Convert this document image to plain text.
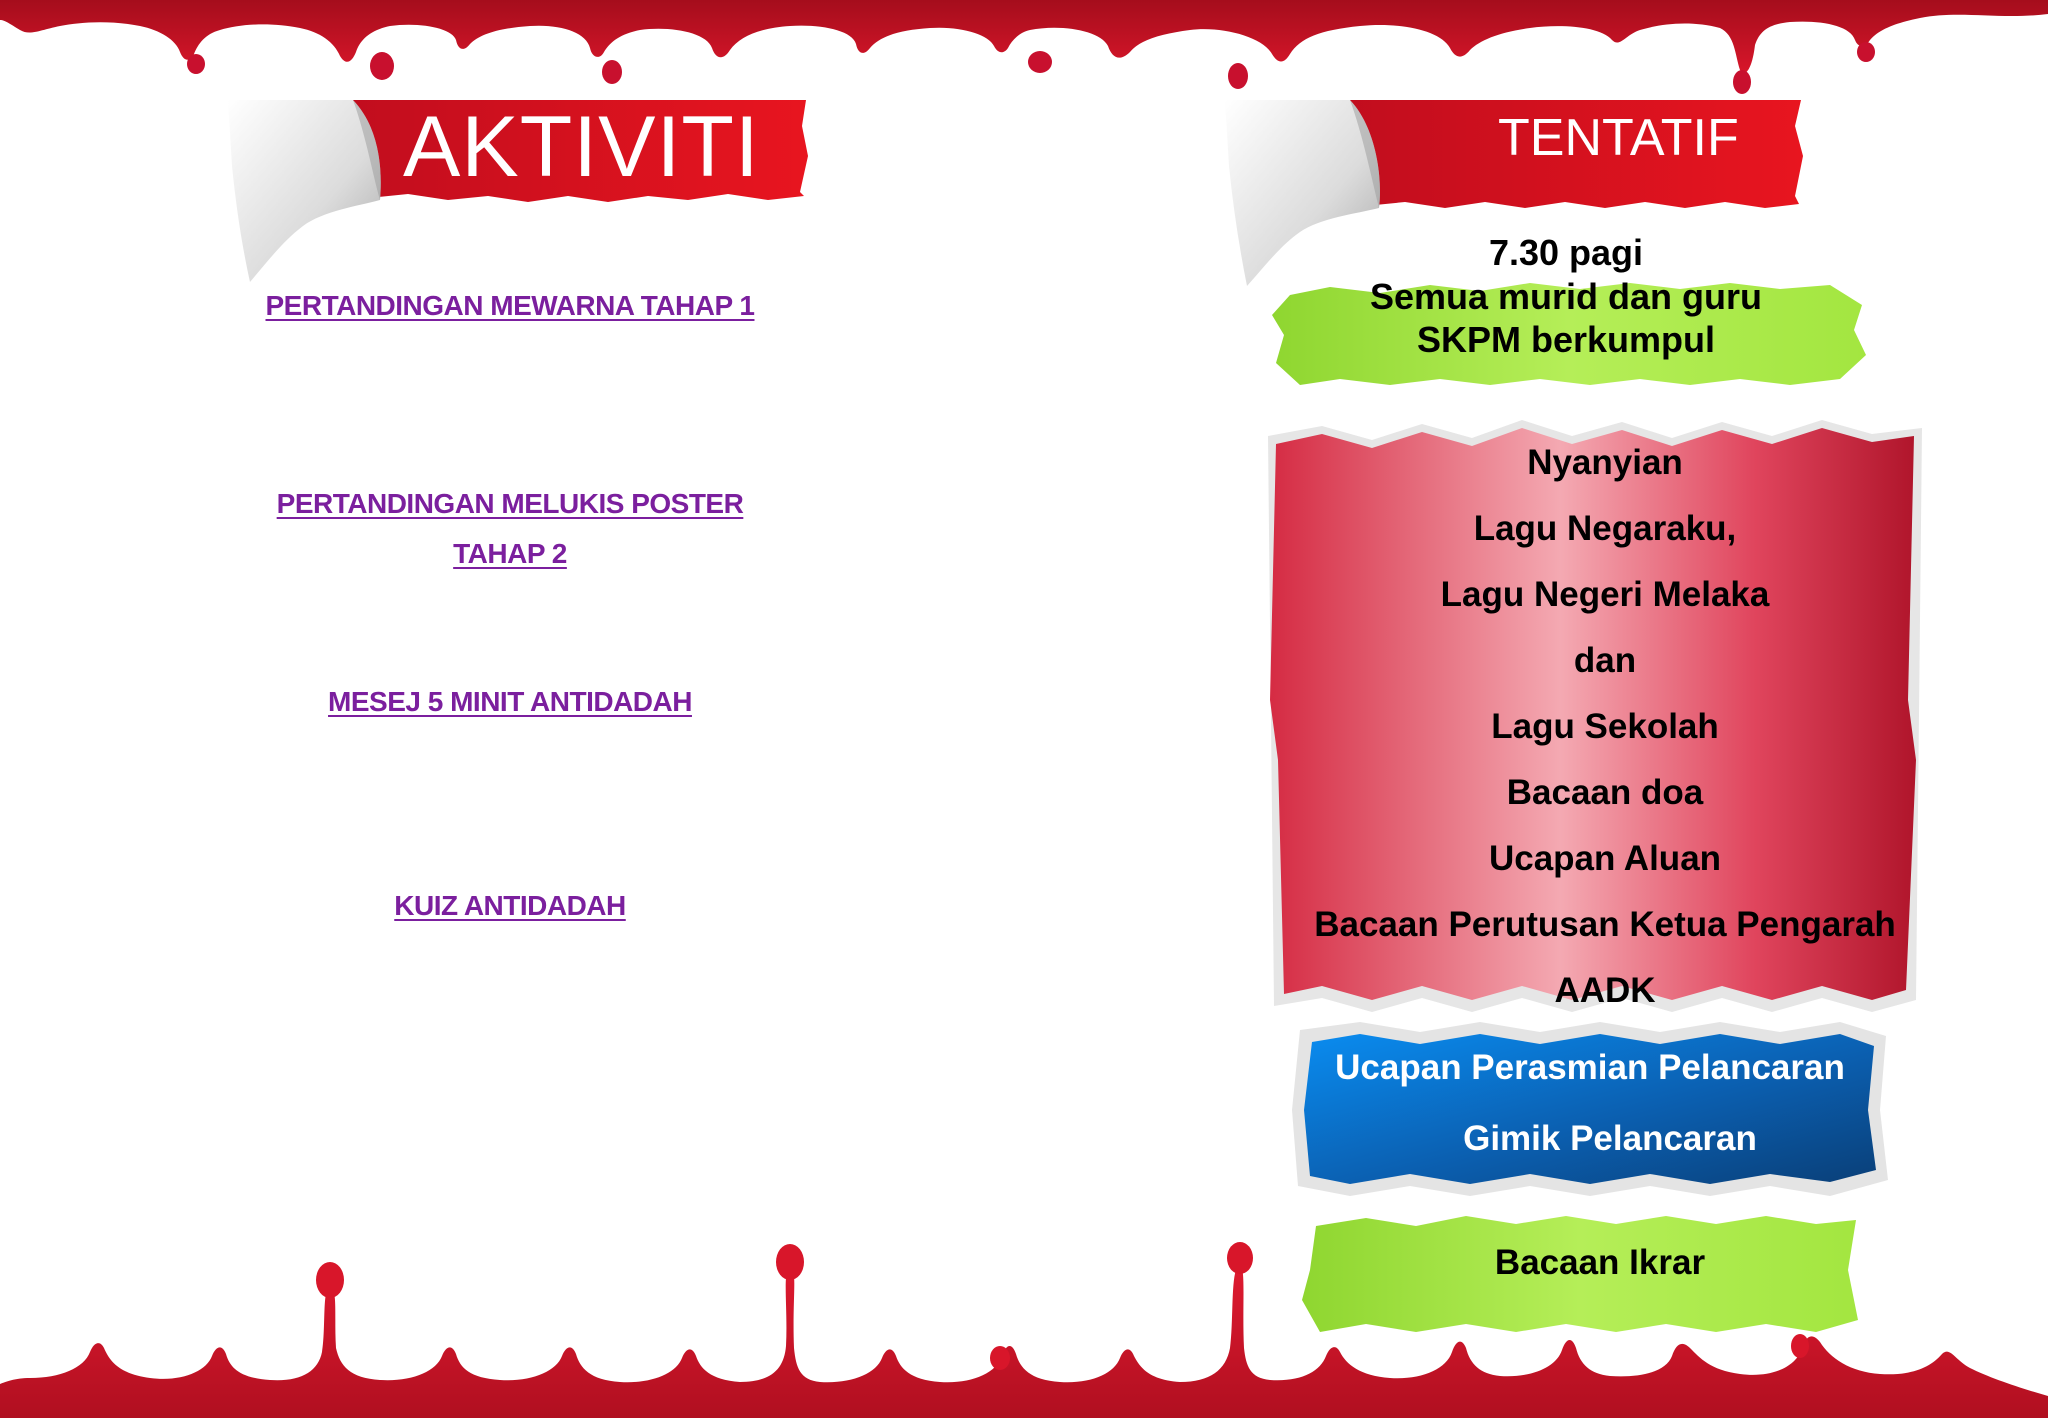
AKTIVITI	TENTATIF
PERTANDINGAN MEWARNA TAHAP 1
PERTANDINGAN MELUKIS POSTER
TAHAP 2
MESEJ 5 MINIT ANTIDADAH
KUIZ ANTIDADAH
7.30 pagi
Semua murid dan guru
SKPM berkumpul
Nyanyian
Lagu Negaraku,
Lagu Negeri Melaka
dan
Lagu Sekolah
Bacaan doa
Ucapan Aluan
Bacaan Perutusan Ketua Pengarah
AADK
Ucapan Perasmian Pelancaran
Gimik Pelancaran
Bacaan Ikrar
